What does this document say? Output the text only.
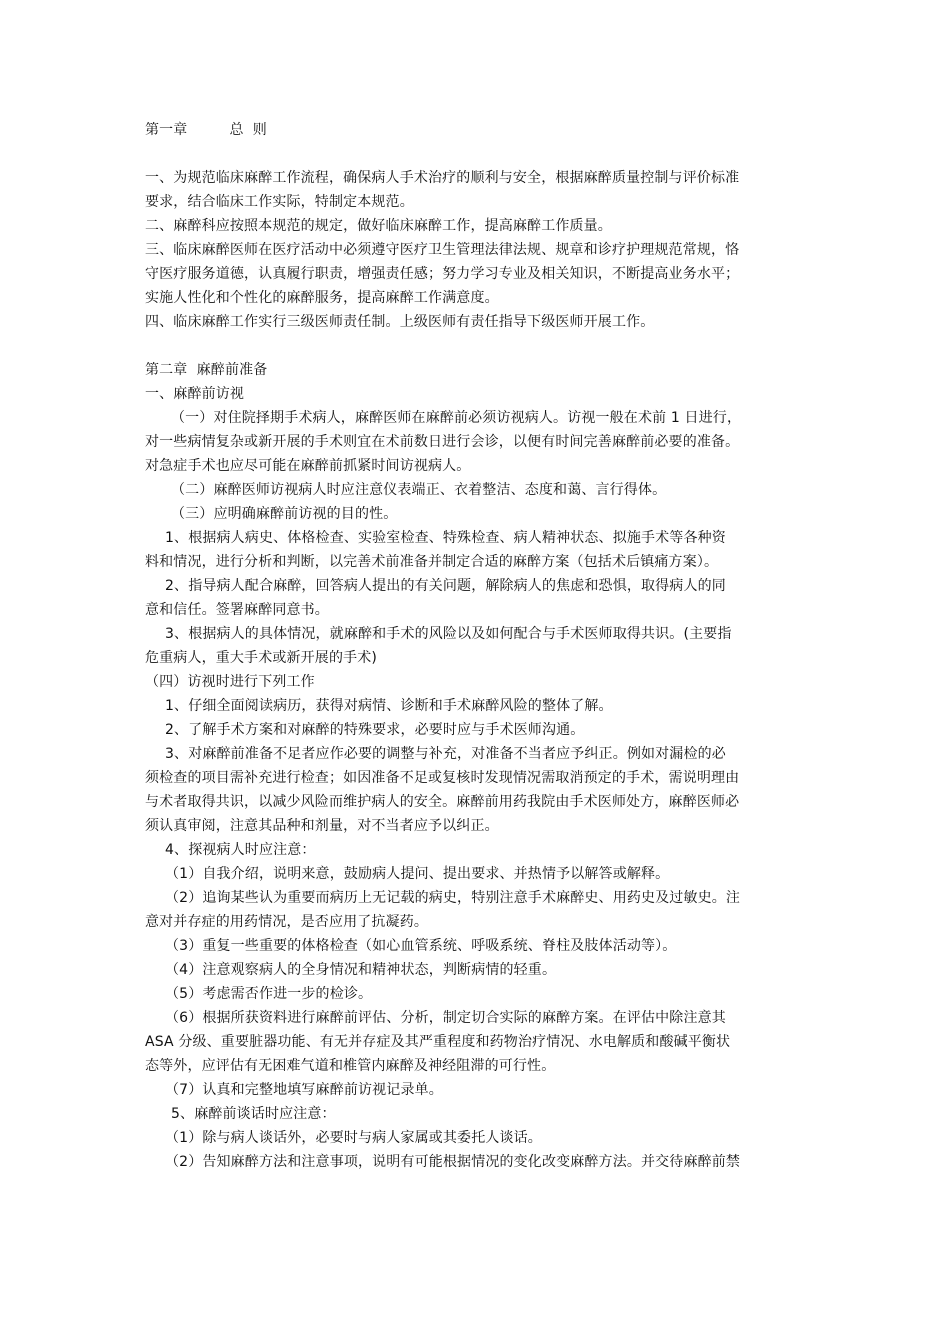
第一章	总  则
一、为规范临床麻醉工作流程，确保病人手术治疗的顺利与安全，根据麻醉质量控制与评价标准
要求，结合临床工作实际，特制定本规范。
二、麻醉科应按照本规范的规定，做好临床麻醉工作，提高麻醉工作质量。
三、临床麻醉医师在医疗活动中必须遵守医疗卫生管理法律法规、规章和诊疗护理规范常规，恪
守医疗服务道德，认真履行职责，增强责任感；努力学习专业及相关知识，不断提高业务水平；
实施人性化和个性化的麻醉服务，提高麻醉工作满意度。
四、临床麻醉工作实行三级医师责任制。上级医师有责任指导下级医师开展工作。
第二章  麻醉前准备
一、麻醉前访视
（一）对住院择期手术病人，麻醉医师在麻醉前必须访视病人。访视一般在术前 1 日进行，
对一些病情复杂或新开展的手术则宜在术前数日进行会诊，以便有时间完善麻醉前必要的准备。
对急症手术也应尽可能在麻醉前抓紧时间访视病人。
（二）麻醉医师访视病人时应注意仪表端正、衣着整洁、态度和蔼、言行得体。
（三）应明确麻醉前访视的目的性。
1、根据病人病史、体格检查、实验室检查、特殊检查、病人精神状态、拟施手术等各种资
料和情况，进行分析和判断，以完善术前准备并制定合适的麻醉方案（包括术后镇痛方案）。
2、指导病人配合麻醉，回答病人提出的有关问题，解除病人的焦虑和恐惧，取得病人的同
意和信任。签署麻醉同意书。
3、根据病人的具体情况，就麻醉和手术的风险以及如何配合与手术医师取得共识。(主要指
危重病人，重大手术或新开展的手术)
（四）访视时进行下列工作
1、仔细全面阅读病历，获得对病情、诊断和手术麻醉风险的整体了解。
2、了解手术方案和对麻醉的特殊要求，必要时应与手术医师沟通。
3、对麻醉前准备不足者应作必要的调整与补充，对准备不当者应予纠正。例如对漏检的必
须检查的项目需补充进行检查；如因准备不足或复核时发现情况需取消预定的手术，需说明理由
与术者取得共识，以减少风险而维护病人的安全。麻醉前用药我院由手术医师处方，麻醉医师必
须认真审阅，注意其品种和剂量，对不当者应予以纠正。
4、探视病人时应注意：
（1）自我介绍，说明来意，鼓励病人提问、提出要求、并热情予以解答或解释。
（2）追询某些认为重要而病历上无记载的病史，特别注意手术麻醉史、用药史及过敏史。注
意对并存症的用药情况，是否应用了抗凝药。
（3）重复一些重要的体格检查（如心血管系统、呼吸系统、脊柱及肢体活动等）。
（4）注意观察病人的全身情况和精神状态，判断病情的轻重。
（5）考虑需否作进一步的检诊。
（6）根据所获资料进行麻醉前评估、分析，制定切合实际的麻醉方案。在评估中除注意其
ASA 分级、重要脏器功能、有无并存症及其严重程度和药物治疗情况、水电解质和酸碱平衡状
态等外，应评估有无困难气道和椎管内麻醉及神经阻滞的可行性。
（7）认真和完整地填写麻醉前访视记录单。
5、麻醉前谈话时应注意：
（1）除与病人谈话外，必要时与病人家属或其委托人谈话。
（2）告知麻醉方法和注意事项，说明有可能根据情况的变化改变麻醉方法。并交待麻醉前禁
